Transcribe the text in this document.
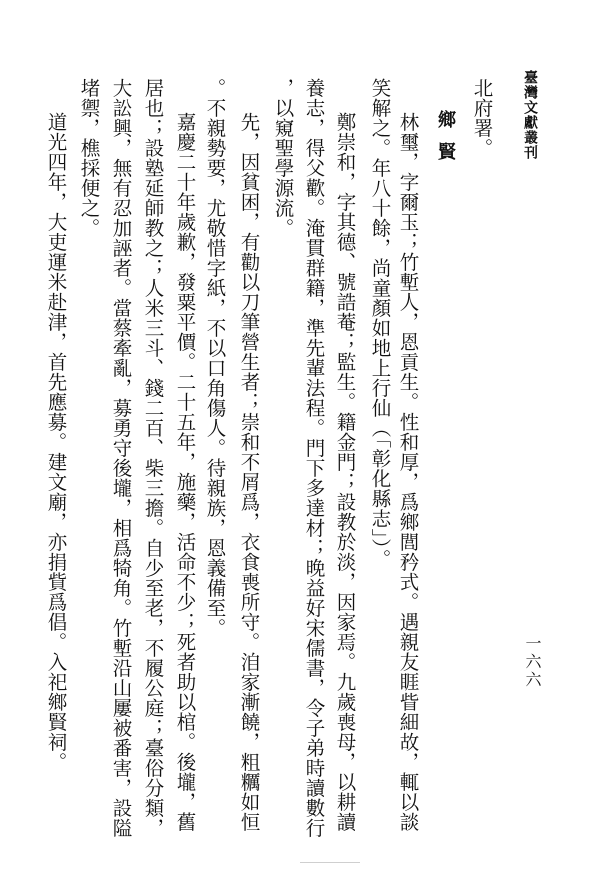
臺灣文獻叢刊
一六六
北府署。
鄉賢
林璽，字爾玉；竹塹人，恩貢生。性和厚，爲鄉閭矜式。遇親友睚眥細故，輒以談
笑解之。年八十餘，尚童顏如地上行仙（「彰化縣志」）。
鄭崇和，字其德、號誥菴；監生。籍金門；設教於淡，因家焉。九歲喪母，以耕讀
養志，得父歡。淹貫群籍，準先輩法程。門下多達材；晚益好宋儒書，令子弟時讀數行
，以窺聖學源流。
先，因貧困，有勸以刀筆營生者；崇和不屑爲，衣食喪所守。洎家漸饒，粗糲如恒
。不親勢要，尤敬惜字紙，不以口角傷人。待親族，恩義備至。
嘉慶二十年歲歉，發粟平價。二十五年，施藥，活命不少；死者助以棺。後壠，舊
居也；設塾延師教之；人米三斗、錢二百、柴三擔。自少至老，不履公庭；臺俗分類，
大訟興，無有忍加誣者。當蔡牽亂，募勇守後壠，相爲犄角。竹塹沿山屢被番害，設隘
堵禦，樵採便之。
道光四年，大吏運米赴津，首先應募。建文廟，亦捐貲爲倡。入祀鄉賢祠。
